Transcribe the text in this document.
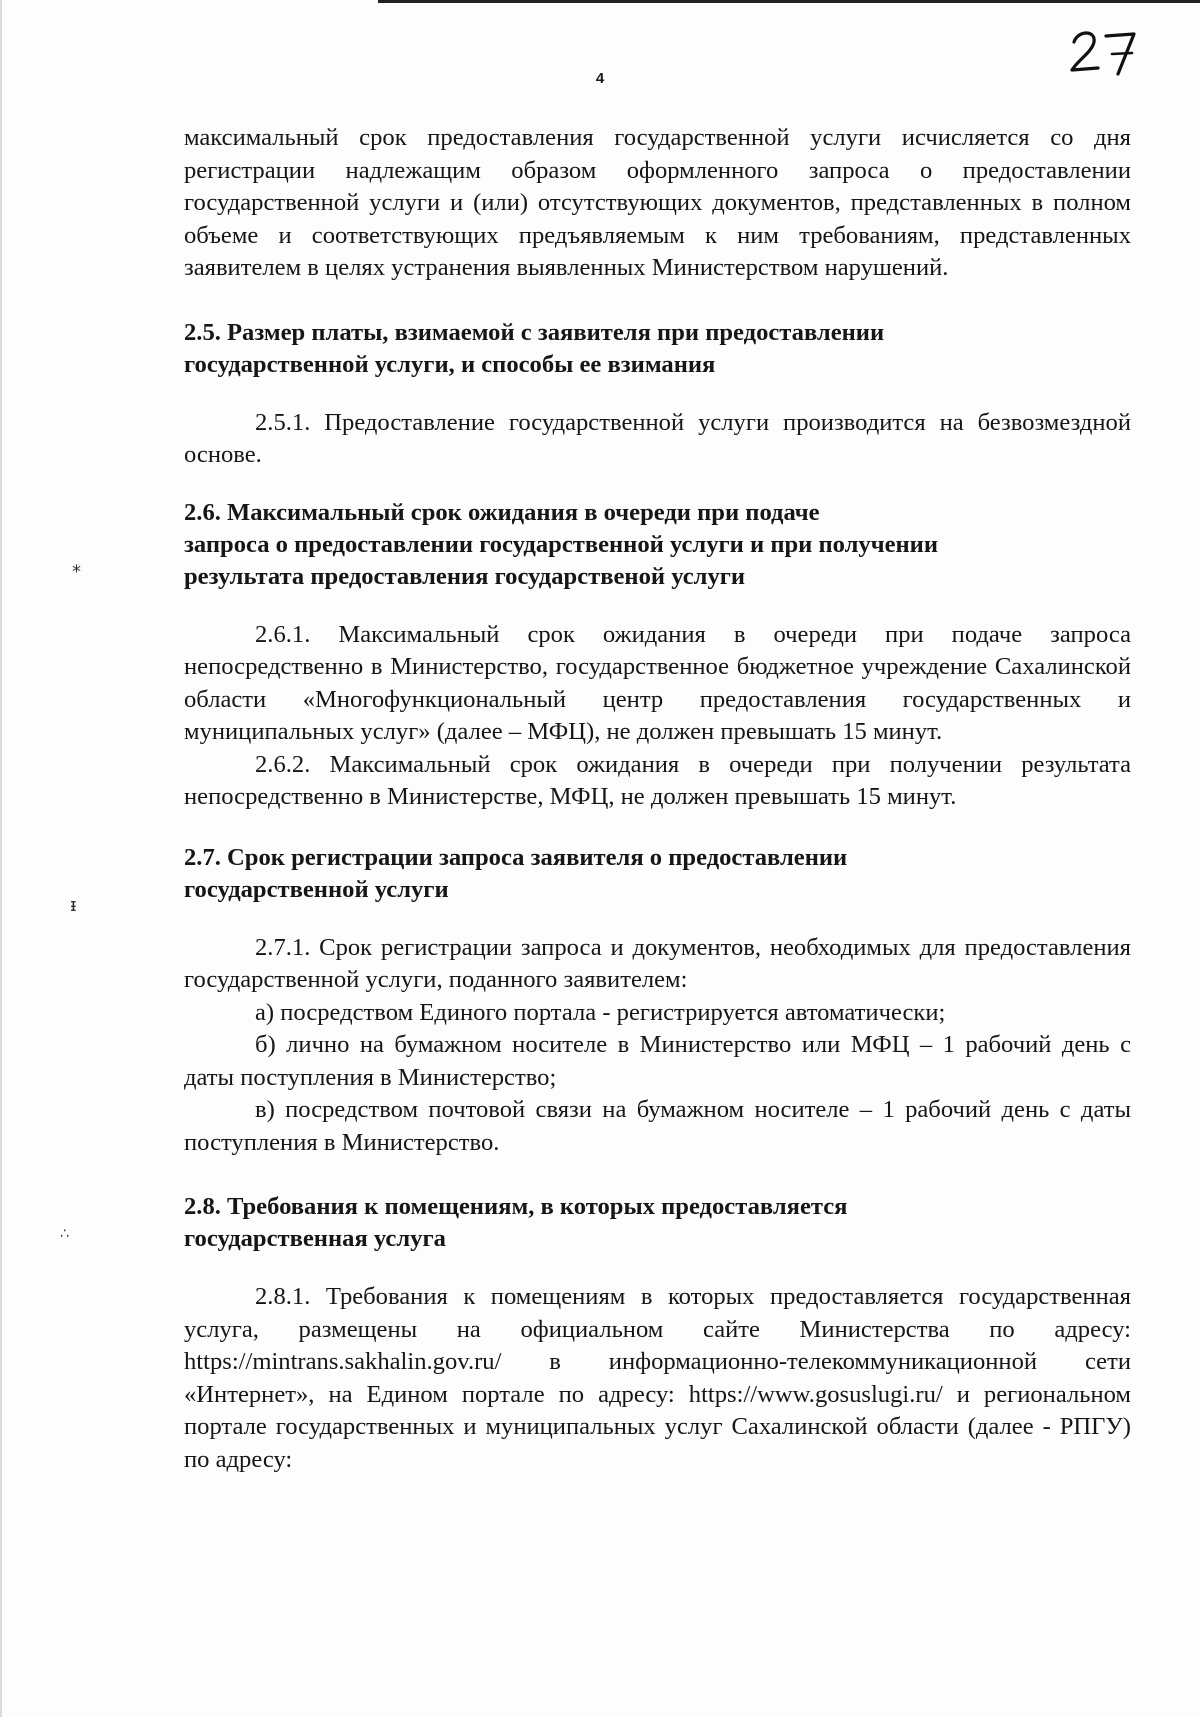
⁎
ᵻ
∴
4

максимальный срок предоставления государственной услуги исчисляется со дня регистрации надлежащим образом оформленного запроса о предоставлении государственной услуги и (или) отсутствующих документов, представленных в полном объеме и соответствующих предъявляемым к ним требованиям, представленных заявителем в целях устранения выявленных Министерством нарушений.

2.5. Размер платы, взимаемой с заявителя при предоставлении

государственной услуги, и способы ее взимания

2.5.1. Предоставление государственной услуги производится на безвозмездной основе.

2.6. Максимальный срок ожидания в очереди при подаче

запроса о предоставлении государственной услуги и при получении

результата предоставления государственой услуги

2.6.1. Максимальный срок ожидания в очереди при подаче запроса непосредственно в Министерство, государственное бюджетное учреждение Сахалинской области «Многофункциональный центр предоставления государственных и муниципальных услуг» (далее – МФЦ), не должен превышать 15 минут.

2.6.2. Максимальный срок ожидания в очереди при получении результата непосредственно в Министерстве, МФЦ, не должен превышать 15 минут.

2.7. Срок регистрации запроса заявителя о предоставлении

государственной услуги

2.7.1. Срок регистрации запроса и документов, необходимых для предоставления государственной услуги, поданного заявителем:

а) посредством Единого портала - регистрируется автоматически;

б) лично на бумажном носителе в Министерство или МФЦ – 1 рабочий день с даты поступления в Министерство;

в) посредством почтовой связи на бумажном носителе – 1 рабочий день с даты поступления в Министерство.

2.8. Требования к помещениям, в которых предоставляется

государственная услуга

2.8.1. Требования к помещениям в которых предоставляется государственная услуга, размещены на официальном сайте Министерства по адресу: https://mintrans.sakhalin.gov.ru/ в информационно-телекоммуникационной сети «Интернет», на Едином портале по адресу: https://www.gosuslugi.ru/ и региональном портале государственных и муниципальных услуг Сахалинской области (далее - РПГУ) по адресу:
